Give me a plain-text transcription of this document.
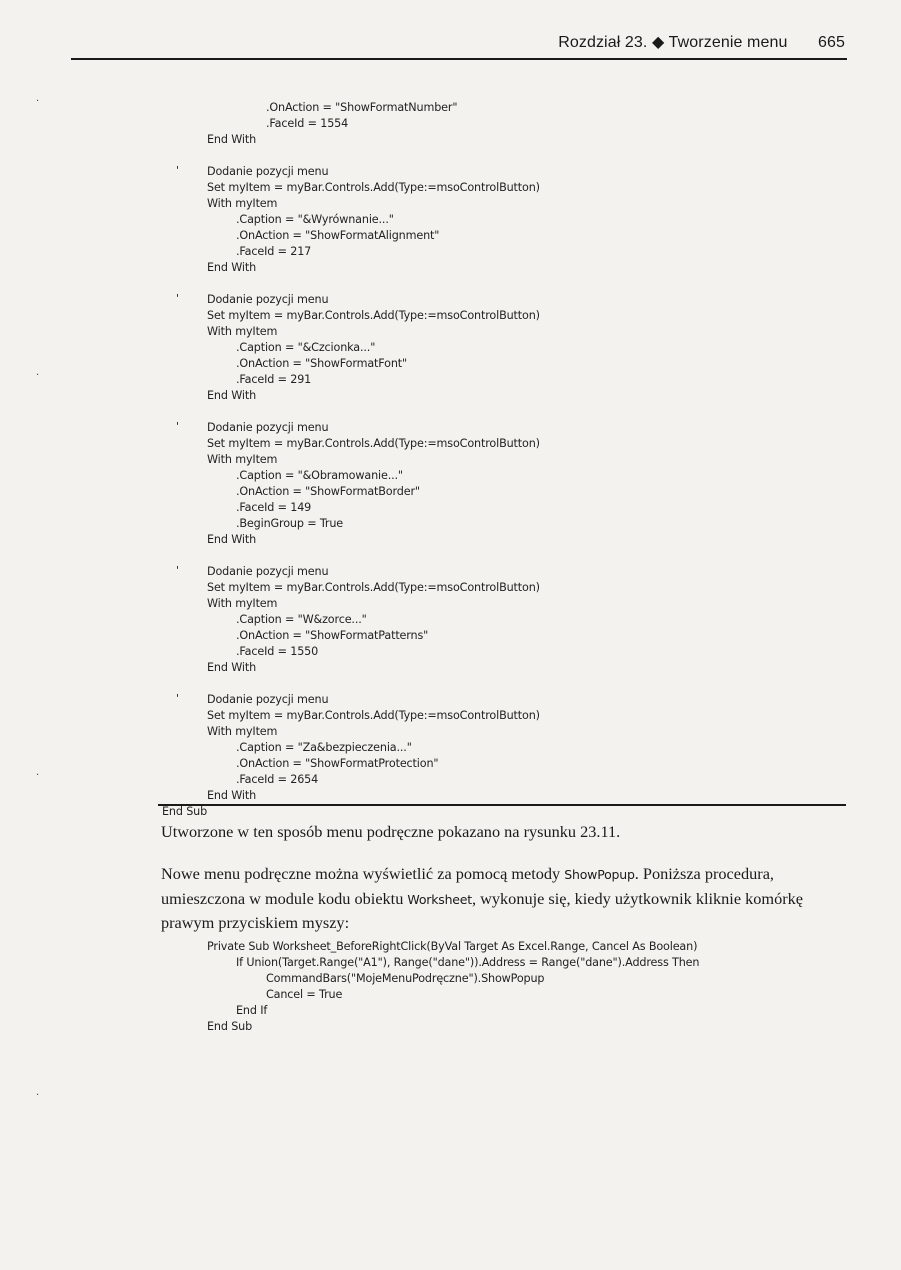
Rozdział 23. ◆ Tworzenie menu 665
.OnAction = "ShowFormatNumber"
.FaceId = 1554
End With
'	Dodanie pozycji menu
Set myItem = myBar.Controls.Add(Type:=msoControlButton)
With myItem
.Caption = "&Wyrównanie..."
.OnAction = "ShowFormatAlignment"
.FaceId = 217
End With
'	Dodanie pozycji menu
Set myItem = myBar.Controls.Add(Type:=msoControlButton)
With myItem
.Caption = "&Czcionka..."
.OnAction = "ShowFormatFont"
.FaceId = 291
End With
'	Dodanie pozycji menu
Set myItem = myBar.Controls.Add(Type:=msoControlButton)
With myItem
.Caption = "&Obramowanie..."
.OnAction = "ShowFormatBorder"
.FaceId = 149
.BeginGroup = True
End With
'	Dodanie pozycji menu
Set myItem = myBar.Controls.Add(Type:=msoControlButton)
With myItem
.Caption = "W&zorce..."
.OnAction = "ShowFormatPatterns"
.FaceId = 1550
End With
'	Dodanie pozycji menu
Set myItem = myBar.Controls.Add(Type:=msoControlButton)
With myItem
.Caption = "Za&bezpieczenia..."
.OnAction = "ShowFormatProtection"
.FaceId = 2654
End With
End Sub

Utworzone w ten sposób menu podręczne pokazano na rysunku 23.11.

Nowe menu podręczne można wyświetlić za pomocą metody ShowPopup. Poniższa procedura, umieszczona w module kodu obiektu Worksheet, wykonuje się, kiedy użytkownik kliknie komórkę prawym przyciskiem myszy:

Private Sub Worksheet_BeforeRightClick(ByVal Target As Excel.Range, Cancel As Boolean)
If Union(Target.Range("A1"), Range("dane")).Address = Range("dane").Address Then
CommandBars("MojeMenuPodręczne").ShowPopup
Cancel = True
End If
End Sub
·
·
·
·
